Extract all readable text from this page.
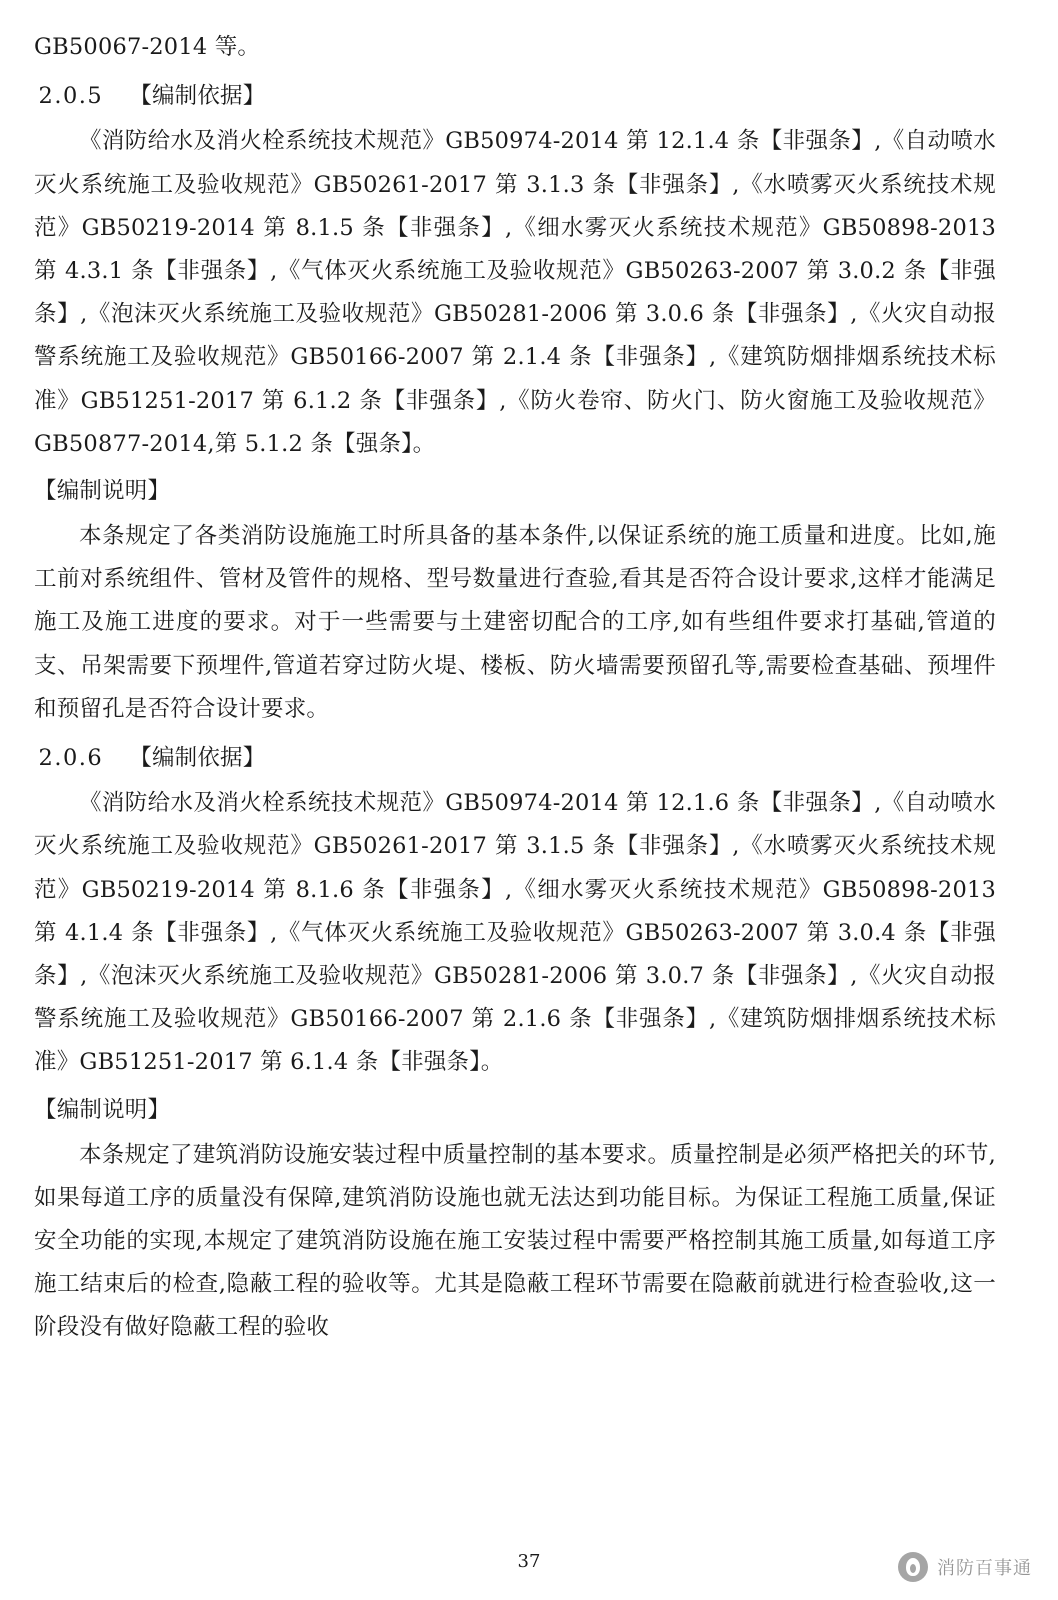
GB50067-2014 等。

2.0.5 【编制依据】

《消防给水及消火栓系统技术规范》GB50974-2014 第 12.1.4 条【非强条】,《自动喷水灭火系统施工及验收规范》GB50261-2017 第 3.1.3 条【非强条】,《水喷雾灭火系统技术规范》GB50219-2014 第 8.1.5 条【非强条】,《细水雾灭火系统技术规范》GB50898-2013 第 4.3.1 条【非强条】,《气体灭火系统施工及验收规范》GB50263-2007 第 3.0.2 条【非强条】,《泡沫灭火系统施工及验收规范》GB50281-2006 第 3.0.6 条【非强条】,《火灾自动报警系统施工及验收规范》GB50166-2007 第 2.1.4 条【非强条】,《建筑防烟排烟系统技术标准》GB51251-2017 第 6.1.2 条【非强条】,《防火卷帘、防火门、防火窗施工及验收规范》GB50877-2014,第 5.1.2 条【强条】。

【编制说明】

本条规定了各类消防设施施工时所具备的基本条件,以保证系统的施工质量和进度。比如,施工前对系统组件、管材及管件的规格、型号数量进行查验,看其是否符合设计要求,这样才能满足施工及施工进度的要求。对于一些需要与土建密切配合的工序,如有些组件要求打基础,管道的支、吊架需要下预埋件,管道若穿过防火堤、楼板、防火墙需要预留孔等,需要检查基础、预埋件和预留孔是否符合设计要求。

2.0.6 【编制依据】

《消防给水及消火栓系统技术规范》GB50974-2014 第 12.1.6 条【非强条】,《自动喷水灭火系统施工及验收规范》GB50261-2017 第 3.1.5 条【非强条】,《水喷雾灭火系统技术规范》GB50219-2014 第 8.1.6 条【非强条】,《细水雾灭火系统技术规范》GB50898-2013 第 4.1.4 条【非强条】,《气体灭火系统施工及验收规范》GB50263-2007 第 3.0.4 条【非强条】,《泡沫灭火系统施工及验收规范》GB50281-2006 第 3.0.7 条【非强条】,《火灾自动报警系统施工及验收规范》GB50166-2007 第 2.1.6 条【非强条】,《建筑防烟排烟系统技术标准》GB51251-2017 第 6.1.4 条【非强条】。

【编制说明】

本条规定了建筑消防设施安装过程中质量控制的基本要求。质量控制是必须严格把关的环节,如果每道工序的质量没有保障,建筑消防设施也就无法达到功能目标。为保证工程施工质量,保证安全功能的实现,本规定了建筑消防设施在施工安装过程中需要严格控制其施工质量,如每道工序施工结束后的检查,隐蔽工程的验收等。尤其是隐蔽工程环节需要在隐蔽前就进行检查验收,这一阶段没有做好隐蔽工程的验收

37	消防百事通
